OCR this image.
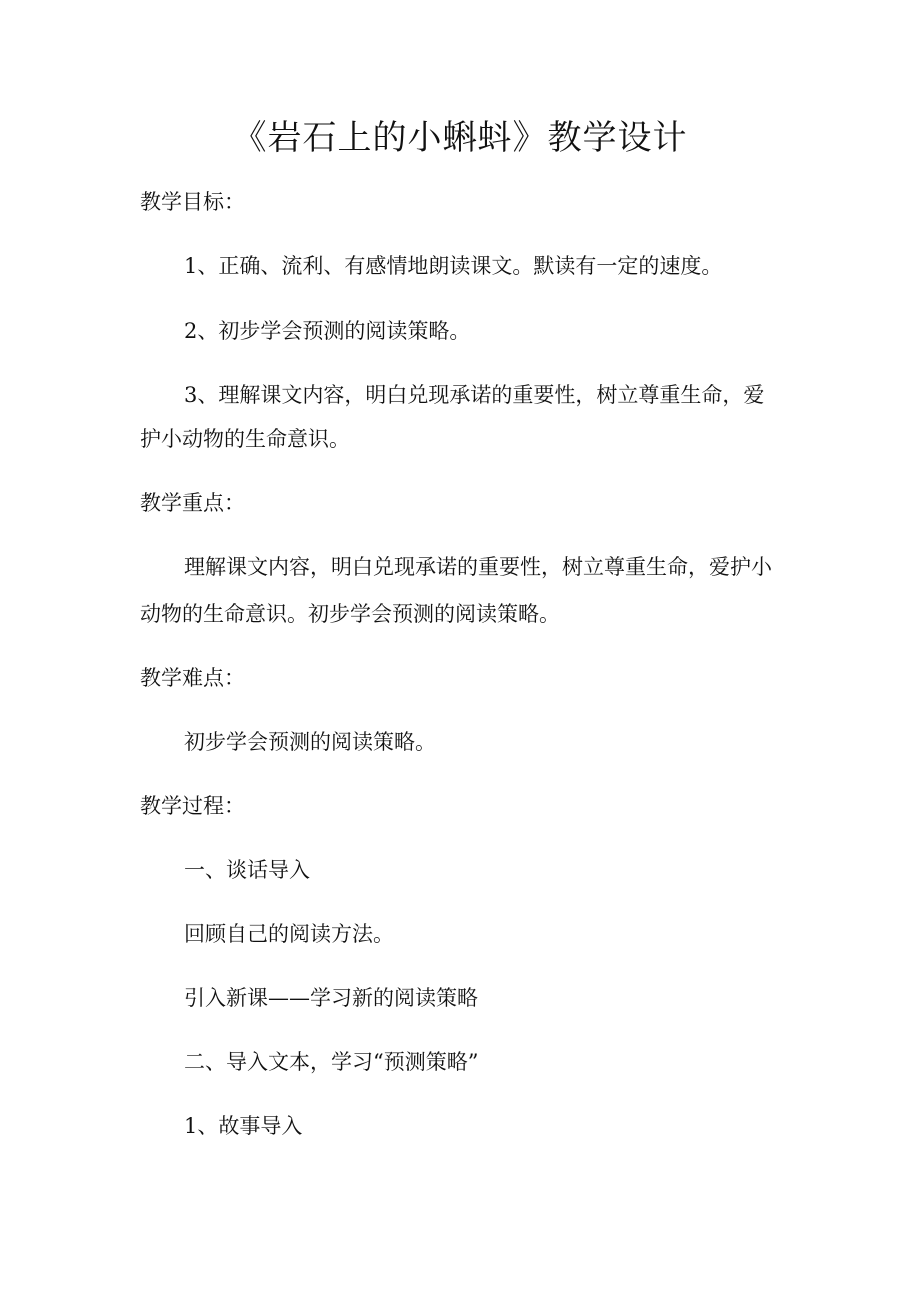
《岩石上的小蝌蚪》教学设计
教学目标：
1、正确、流利、有感情地朗读课文。默读有一定的速度。
2、初步学会预测的阅读策略。
3、理解课文内容，明白兑现承诺的重要性，树立尊重生命，爱
护小动物的生命意识。
教学重点：
理解课文内容，明白兑现承诺的重要性，树立尊重生命，爱护小
动物的生命意识。初步学会预测的阅读策略。
教学难点：
初步学会预测的阅读策略。
教学过程：
一、谈话导入
回顾自己的阅读方法。
引入新课——学习新的阅读策略
二、导入文本，学习“预测策略”
1、故事导入
